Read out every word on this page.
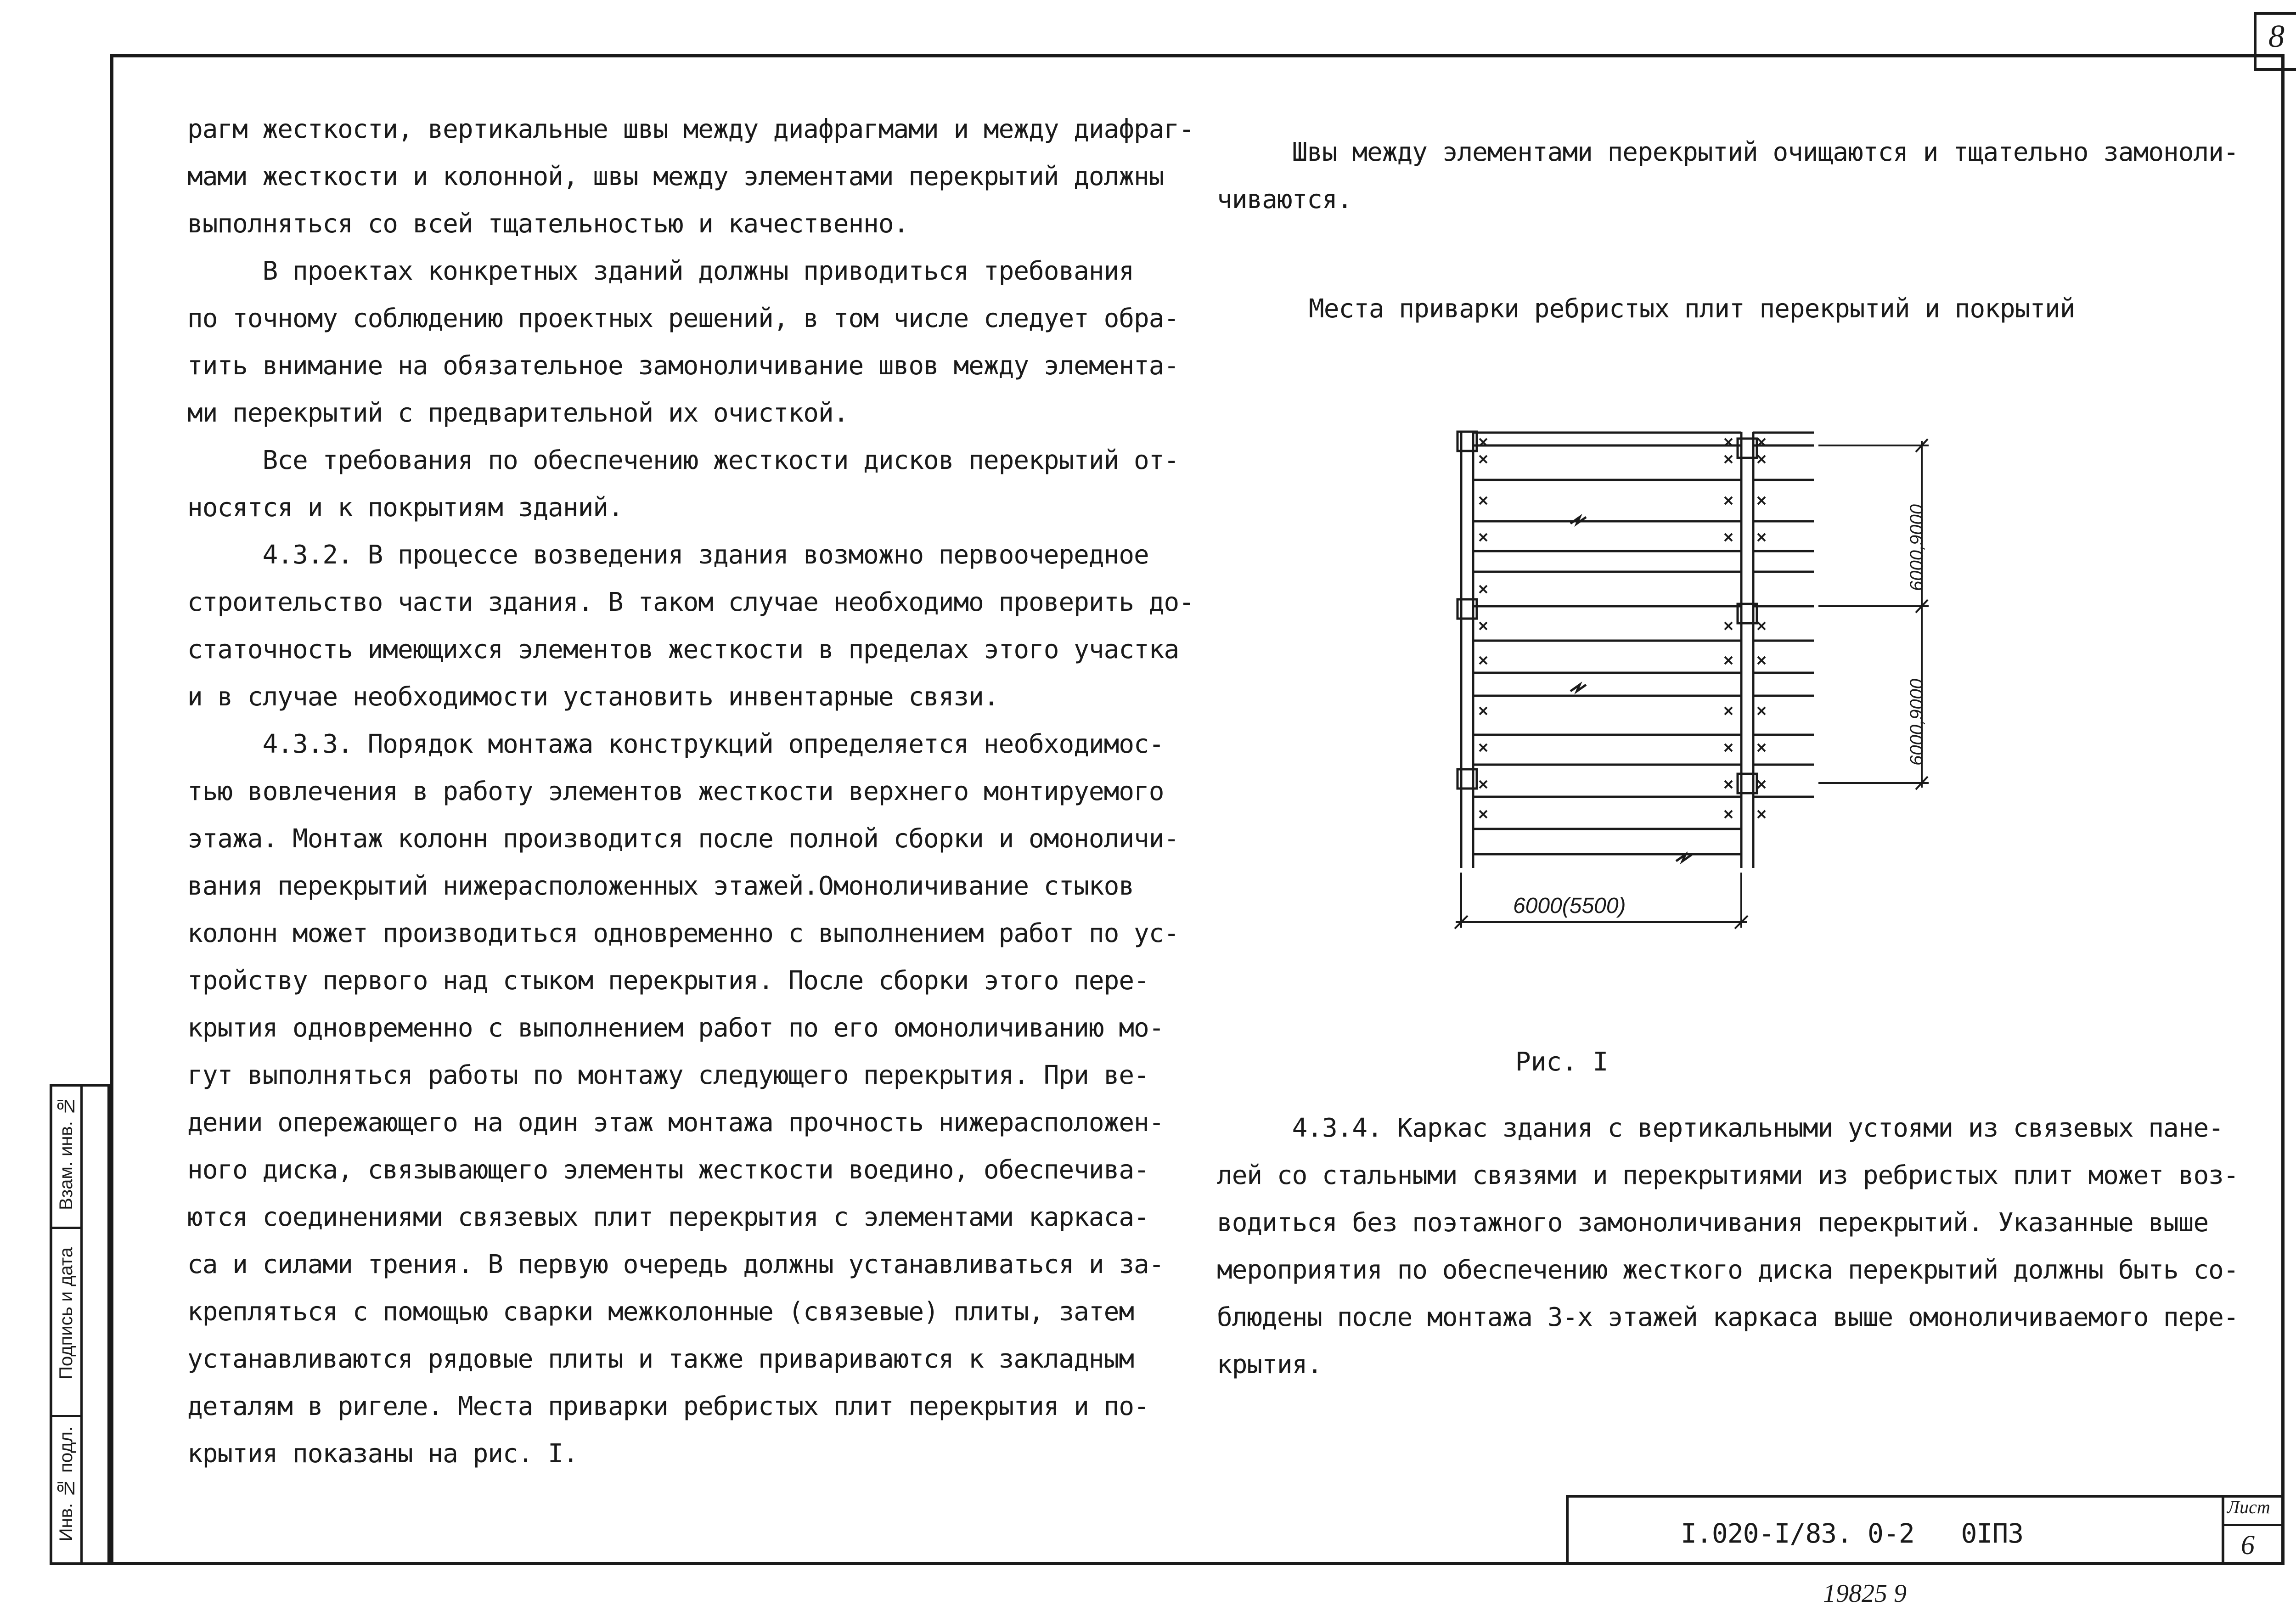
8

рагм жесткости, вертикальные швы между диафрагмами и между диафраг-

мами жесткости и колонной, швы между элементами перекрытий должны

выполняться со всей тщательностью и качественно.

В проектах конкретных зданий должны приводиться требования

по точному соблюдению проектных решений, в том числе следует обра-

тить внимание на обязательное замоноличивание швов между элемента-

ми перекрытий с предварительной их очисткой.

Все требования по обеспечению жесткости дисков перекрытий от-

носятся и к покрытиям зданий.

4.3.2. В процессе возведения здания возможно первоочередное

строительство части здания. В таком случае необходимо проверить до-

статочность имеющихся элементов жесткости в пределах этого участка

и в случае необходимости установить инвентарные связи.

4.3.3. Порядок монтажа конструкций определяется необходимос-

тью вовлечения в работу элементов жесткости верхнего монтируемого

этажа. Монтаж колонн производится после полной сборки и омоноличи-

вания перекрытий нижерасположенных этажей.Омоноличивание стыков

колонн может производиться одновременно с выполнением работ по ус-

тройству первого над стыком перекрытия. После сборки этого пере-

крытия одновременно с выполнением работ по его омоноличиванию мо-

гут выполняться работы по монтажу следующего перекрытия. При ве-

дении опережающего на один этаж монтажа прочность нижерасположен-

ного диска, связывающего элементы жесткости воедино, обеспечива-

ются соединениями связевых плит перекрытия с элементами каркаса-

са и силами трения. В первую очередь должны устанавливаться и за-

крепляться с помощью сварки межколонные (связевые) плиты, затем

устанавливаются рядовые плиты и также привариваются к закладным

деталям в ригеле. Места приварки ребристых плит перекрытия и по-

крытия показаны на рис. I.

Швы между элементами перекрытий очищаются и тщательно замоноли-

чиваются.

Места приварки ребристых плит перекрытий и покрытий
6000,9000
6000,9000
6000(5500)
Рис. I

4.3.4. Каркас здания с вертикальными устоями из связевых пане-

лей со стальными связями и перекрытиями из ребристых плит может воз-

водиться без поэтажного замоноличивания перекрытий. Указанные выше

мероприятия по обеспечению жесткого диска перекрытий должны быть со-

блюдены после монтажа 3-х этажей каркаса выше омоноличиваемого пере-

крытия.

Взам. инв. №
Подпись и дата
Инв. № подл.	I.020-I/83. 0-2   0IП3
Лист
6
19825 9
